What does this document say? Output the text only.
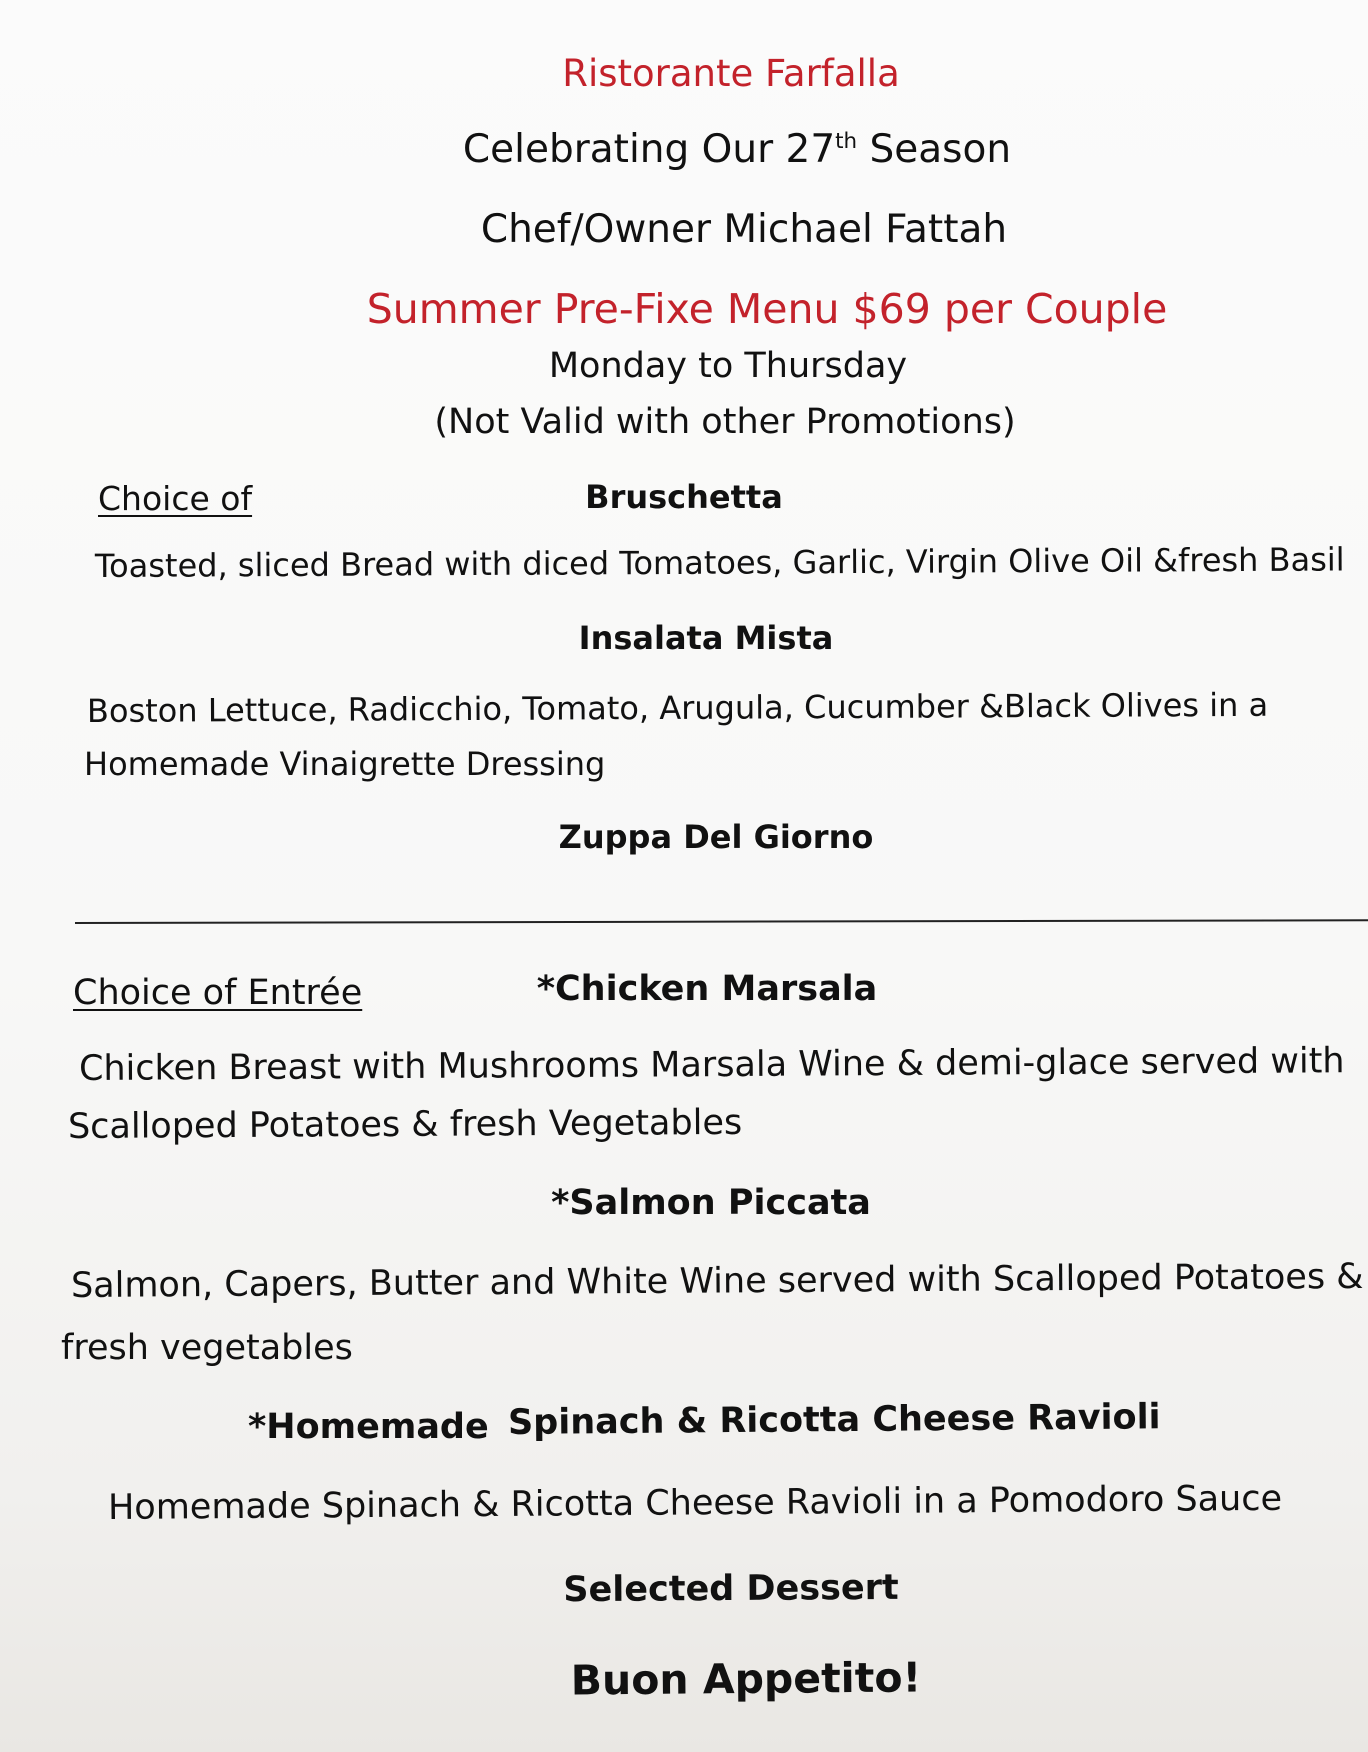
Ristorante Farfalla
Celebrating Our 27th Season
Chef/Owner Michael Fattah
Summer Pre-Fixe Menu $69 per Couple
Monday to Thursday
(Not Valid with other Promotions)
Choice of	Bruschetta
Toasted, sliced Bread with diced Tomatoes, Garlic, Virgin Olive Oil &fresh Basil
Insalata Mista
Boston Lettuce, Radicchio, Tomato, Arugula, Cucumber &Black Olives in a
Homemade Vinaigrette Dressing
Zuppa Del Giorno
Choice of Entrée	*Chicken Marsala
Chicken Breast with Mushrooms Marsala Wine & demi-glace served with
Scalloped Potatoes & fresh Vegetables
*Salmon Piccata
Salmon, Capers, Butter and White Wine served with Scalloped Potatoes &
fresh vegetables
*Homemade Spinach & Ricotta Cheese Ravioli
Homemade Spinach & Ricotta Cheese Ravioli in a Pomodoro Sauce
Selected Dessert
Buon Appetito!
